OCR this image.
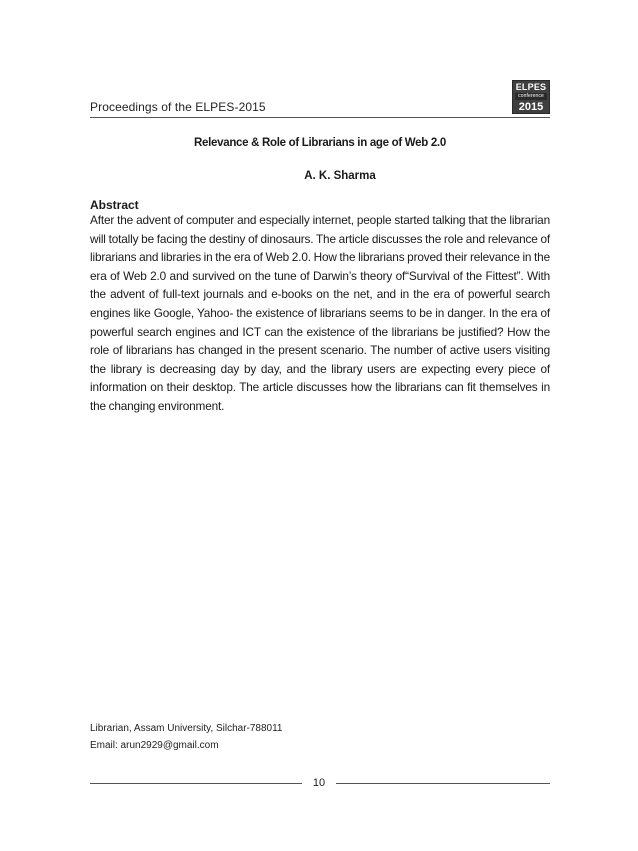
Proceedings of the ELPES-2015
ELPES
conference
2015
Relevance & Role of Librarians in age of Web 2.0
A. K. Sharma
Abstract
After the advent of computer and especially internet, people started talking that the librarian will totally be facing the destiny of dinosaurs. The article discusses the role and relevance of librarians and libraries in the era of Web 2.0. How the librarians proved their relevance in the era of Web 2.0 and survived on the tune of Darwin’s theory of“Survival of the Fittest”. With the advent of full-text journals and e-books on the net, and in the era of powerful search engines like Google, Yahoo- the existence of librarians seems to be in danger. In the era of powerful search engines and ICT can the existence of the librarians be justified? How the role of librarians has changed in the present scenario. The number of active users visiting the library is decreasing day by day, and the library users are expecting every piece of information on their desktop. The article discusses how the librarians can fit themselves in the changing environment.
Librarian, Assam University, Silchar-788011
Email: arun2929@gmail.com
10
